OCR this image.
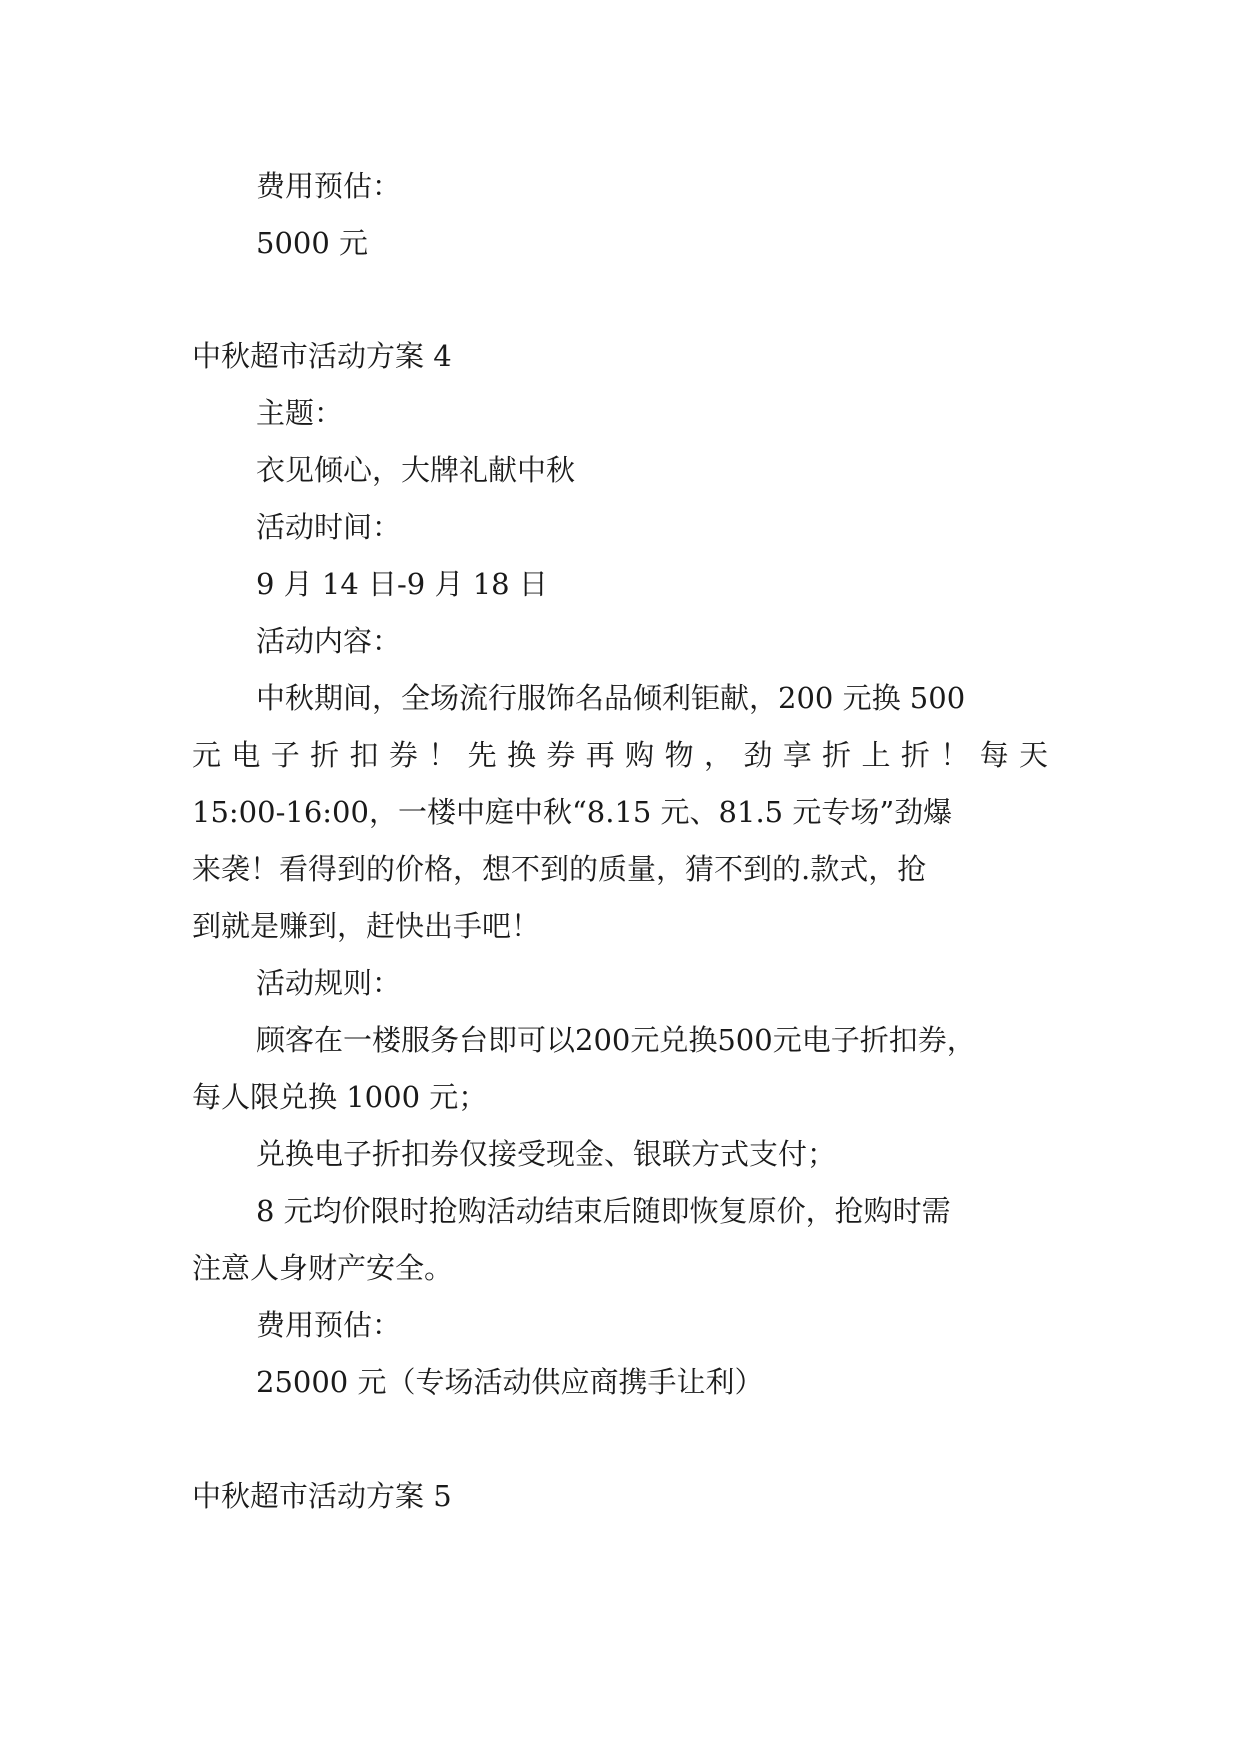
费用预估：

5000 元

中秋超市活动方案 4

主题：

衣见倾心，大牌礼献中秋

活动时间：

9 月 14 日-9 月 18 日

活动内容：

中秋期间，全场流行服饰名品倾利钜献，200 元换 500

元电子折扣券！先换券再购物，劲享折上折！每天

15:00-16:00，一楼中庭中秋“8.15 元、81.5 元专场”劲爆

来袭！看得到的价格，想不到的质量，猜不到的.款式，抢

到就是赚到，赶快出手吧！

活动规则：

顾客在一楼服务台即可以200元兑换500元电子折扣券，

每人限兑换 1000 元；

兑换电子折扣券仅接受现金、银联方式支付；

8 元均价限时抢购活动结束后随即恢复原价，抢购时需

注意人身财产安全。

费用预估：

25000 元（专场活动供应商携手让利）

中秋超市活动方案 5
